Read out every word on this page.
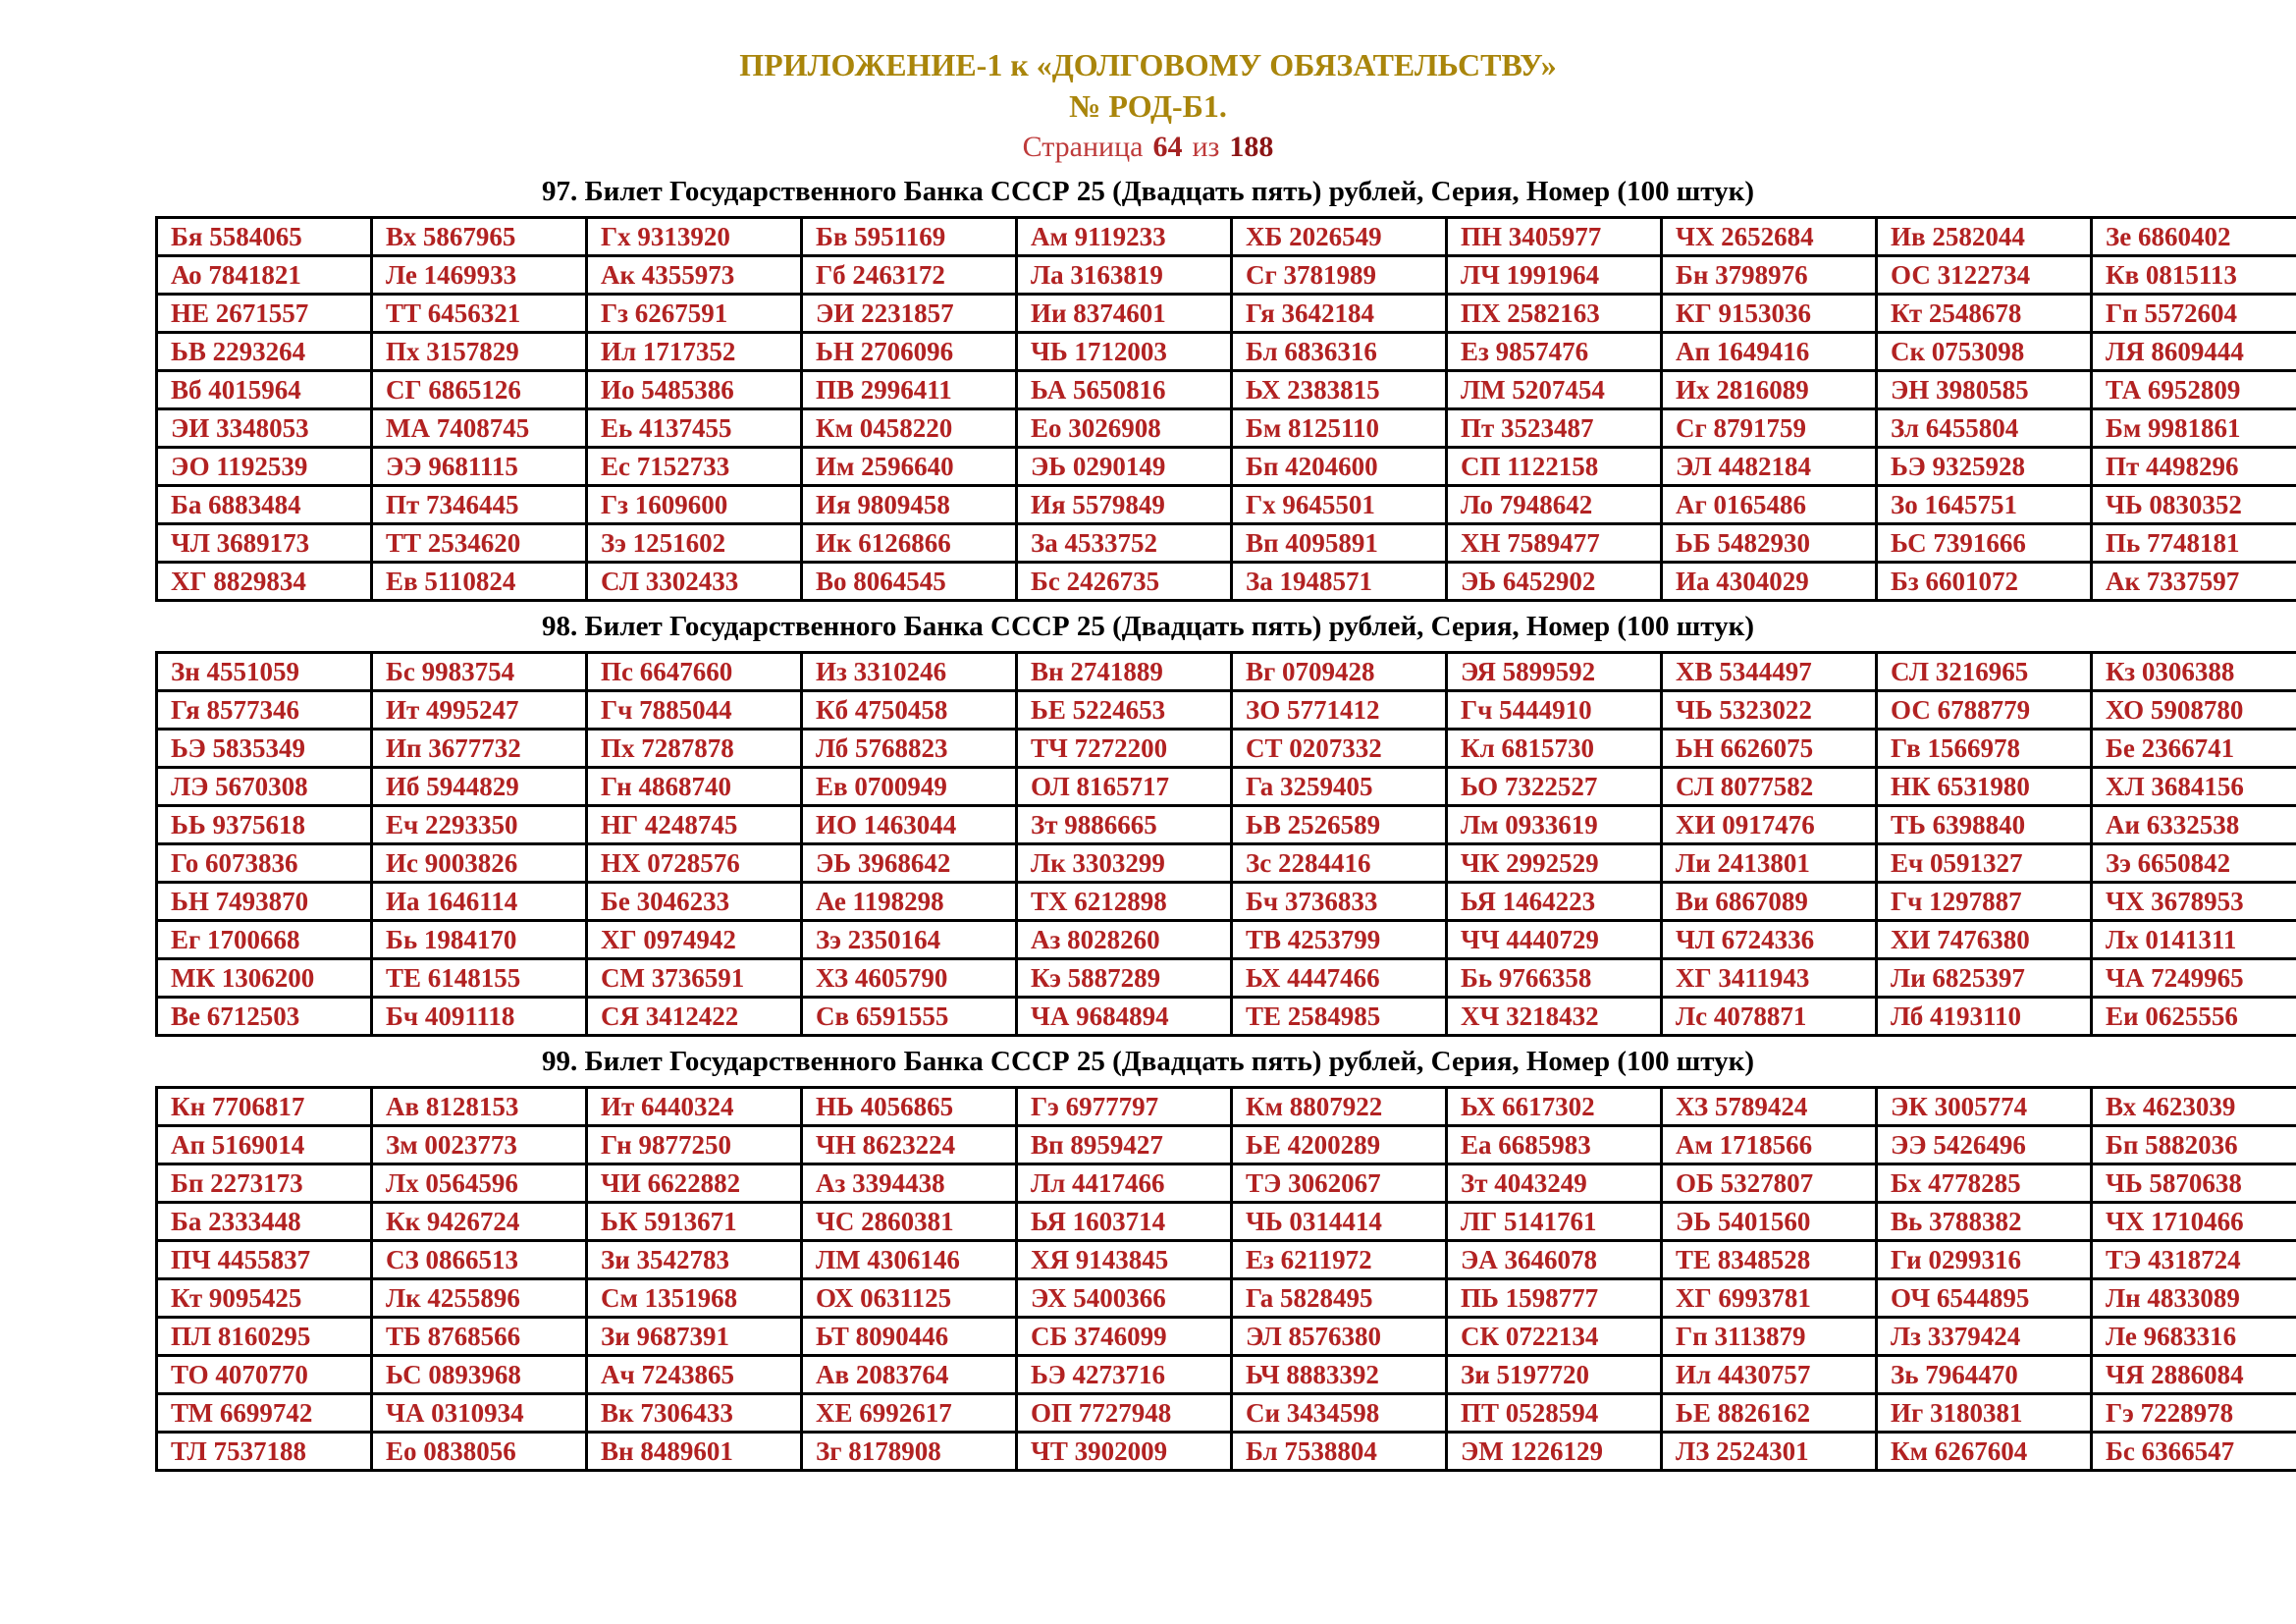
ПРИЛОЖЕНИЕ-1 к «ДОЛГОВОМУ ОБЯЗАТЕЛЬСТВУ»
№ РОД-Б1.
Страница 64 из 188
97. Билет Государственного Банка СССР 25 (Двадцать пять) рублей, Серия, Номер (100 штук)
Бя 5584065	Вх 5867965	Гх 9313920	Бв 5951169	Ам 9119233	ХБ 2026549	ПН 3405977	ЧХ 2652684	Ив 2582044	Зе 6860402
Ао 7841821	Ле 1469933	Ак 4355973	Гб 2463172	Ла 3163819	Сг 3781989	ЛЧ 1991964	Бн 3798976	ОС 3122734	Кв 0815113
НЕ 2671557	ТТ 6456321	Гз 6267591	ЭИ 2231857	Ии 8374601	Гя 3642184	ПХ 2582163	КГ 9153036	Кт 2548678	Гп 5572604
ЬВ 2293264	Пх 3157829	Ил 1717352	ЬН 2706096	ЧЬ 1712003	Бл 6836316	Ез 9857476	Ап 1649416	Ск 0753098	ЛЯ 8609444
Вб 4015964	СГ 6865126	Ио 5485386	ПВ 2996411	ЬА 5650816	ЬХ 2383815	ЛМ 5207454	Их 2816089	ЭН 3980585	ТА 6952809
ЭИ 3348053	МА 7408745	Еь 4137455	Км 0458220	Ео 3026908	Бм 8125110	Пт 3523487	Сг 8791759	Зл 6455804	Бм 9981861
ЭО 1192539	ЭЭ 9681115	Ес 7152733	Им 2596640	ЭЬ 0290149	Бп 4204600	СП 1122158	ЭЛ 4482184	ЬЭ 9325928	Пт 4498296
Ба 6883484	Пт 7346445	Гз 1609600	Ия 9809458	Ия 5579849	Гх 9645501	Ло 7948642	Аг 0165486	Зо 1645751	ЧЬ 0830352
ЧЛ 3689173	ТТ 2534620	Зэ 1251602	Ик 6126866	За 4533752	Вп 4095891	ХН 7589477	ЬБ 5482930	ЬС 7391666	Пь 7748181
ХГ 8829834	Ев 5110824	СЛ 3302433	Во 8064545	Бс 2426735	За 1948571	ЭЬ 6452902	Иа 4304029	Бз 6601072	Ак 7337597
98. Билет Государственного Банка СССР 25 (Двадцать пять) рублей, Серия, Номер (100 штук)
Зн 4551059	Бс 9983754	Пс 6647660	Из 3310246	Вн 2741889	Вг 0709428	ЭЯ 5899592	ХВ 5344497	СЛ 3216965	Кз 0306388
Гя 8577346	Ит 4995247	Гч 7885044	Кб 4750458	ЬЕ 5224653	ЗО 5771412	Гч 5444910	ЧЬ 5323022	ОС 6788779	ХО 5908780
ЬЭ 5835349	Ип 3677732	Пх 7287878	Лб 5768823	ТЧ 7272200	СТ 0207332	Кл 6815730	ЬН 6626075	Гв 1566978	Бе 2366741
ЛЭ 5670308	Иб 5944829	Гн 4868740	Ев 0700949	ОЛ 8165717	Га 3259405	ЬО 7322527	СЛ 8077582	НК 6531980	ХЛ 3684156
ЬЬ 9375618	Еч 2293350	НГ 4248745	ИО 1463044	Зт 9886665	ЬВ 2526589	Лм 0933619	ХИ 0917476	ТЬ 6398840	Аи 6332538
Го 6073836	Ис 9003826	НХ 0728576	ЭЬ 3968642	Лк 3303299	Зс 2284416	ЧК 2992529	Ли 2413801	Еч 0591327	Зэ 6650842
ЬН 7493870	Иа 1646114	Бе 3046233	Ае 1198298	ТХ 6212898	Бч 3736833	ЬЯ 1464223	Ви 6867089	Гч 1297887	ЧХ 3678953
Ег 1700668	Бь 1984170	ХГ 0974942	Зэ 2350164	Аз 8028260	ТВ 4253799	ЧЧ 4440729	ЧЛ 6724336	ХИ 7476380	Лх 0141311
МК 1306200	ТЕ 6148155	СМ 3736591	ХЗ 4605790	Кэ 5887289	ЬХ 4447466	Бь 9766358	ХГ 3411943	Ли 6825397	ЧА 7249965
Ве 6712503	Бч 4091118	СЯ 3412422	Св 6591555	ЧА 9684894	ТЕ 2584985	ХЧ 3218432	Лс 4078871	Лб 4193110	Еи 0625556
99. Билет Государственного Банка СССР 25 (Двадцать пять) рублей, Серия, Номер (100 штук)
Кн 7706817	Ав 8128153	Ит 6440324	НЬ 4056865	Гэ 6977797	Км 8807922	ЬХ 6617302	ХЗ 5789424	ЭК 3005774	Вх 4623039
Ап 5169014	Зм 0023773	Гн 9877250	ЧН 8623224	Вп 8959427	ЬЕ 4200289	Еа 6685983	Ам 1718566	ЭЭ 5426496	Бп 5882036
Бп 2273173	Лх 0564596	ЧИ 6622882	Аз 3394438	Лл 4417466	ТЭ 3062067	Зт 4043249	ОБ 5327807	Бх 4778285	ЧЬ 5870638
Ба 2333448	Кк 9426724	ЬК 5913671	ЧС 2860381	ЬЯ 1603714	ЧЬ 0314414	ЛГ 5141761	ЭЬ 5401560	Вь 3788382	ЧХ 1710466
ПЧ 4455837	СЗ 0866513	Зи 3542783	ЛМ 4306146	ХЯ 9143845	Ез 6211972	ЭА 3646078	ТЕ 8348528	Ги 0299316	ТЭ 4318724
Кт 9095425	Лк 4255896	См 1351968	ОХ 0631125	ЭХ 5400366	Га 5828495	ПЬ 1598777	ХГ 6993781	ОЧ 6544895	Лн 4833089
ПЛ 8160295	ТБ 8768566	Зи 9687391	ЬТ 8090446	СБ 3746099	ЭЛ 8576380	СК 0722134	Гп 3113879	Лз 3379424	Ле 9683316
ТО 4070770	ЬС 0893968	Ач 7243865	Ав 2083764	ЬЭ 4273716	ЬЧ 8883392	Зи 5197720	Ил 4430757	Зь 7964470	ЧЯ 2886084
ТМ 6699742	ЧА 0310934	Вк 7306433	ХЕ 6992617	ОП 7727948	Си 3434598	ПТ 0528594	ЬЕ 8826162	Иг 3180381	Гэ 7228978
ТЛ 7537188	Ео 0838056	Вн 8489601	Зг 8178908	ЧТ 3902009	Бл 7538804	ЭМ 1226129	ЛЗ 2524301	Км 6267604	Бс 6366547
